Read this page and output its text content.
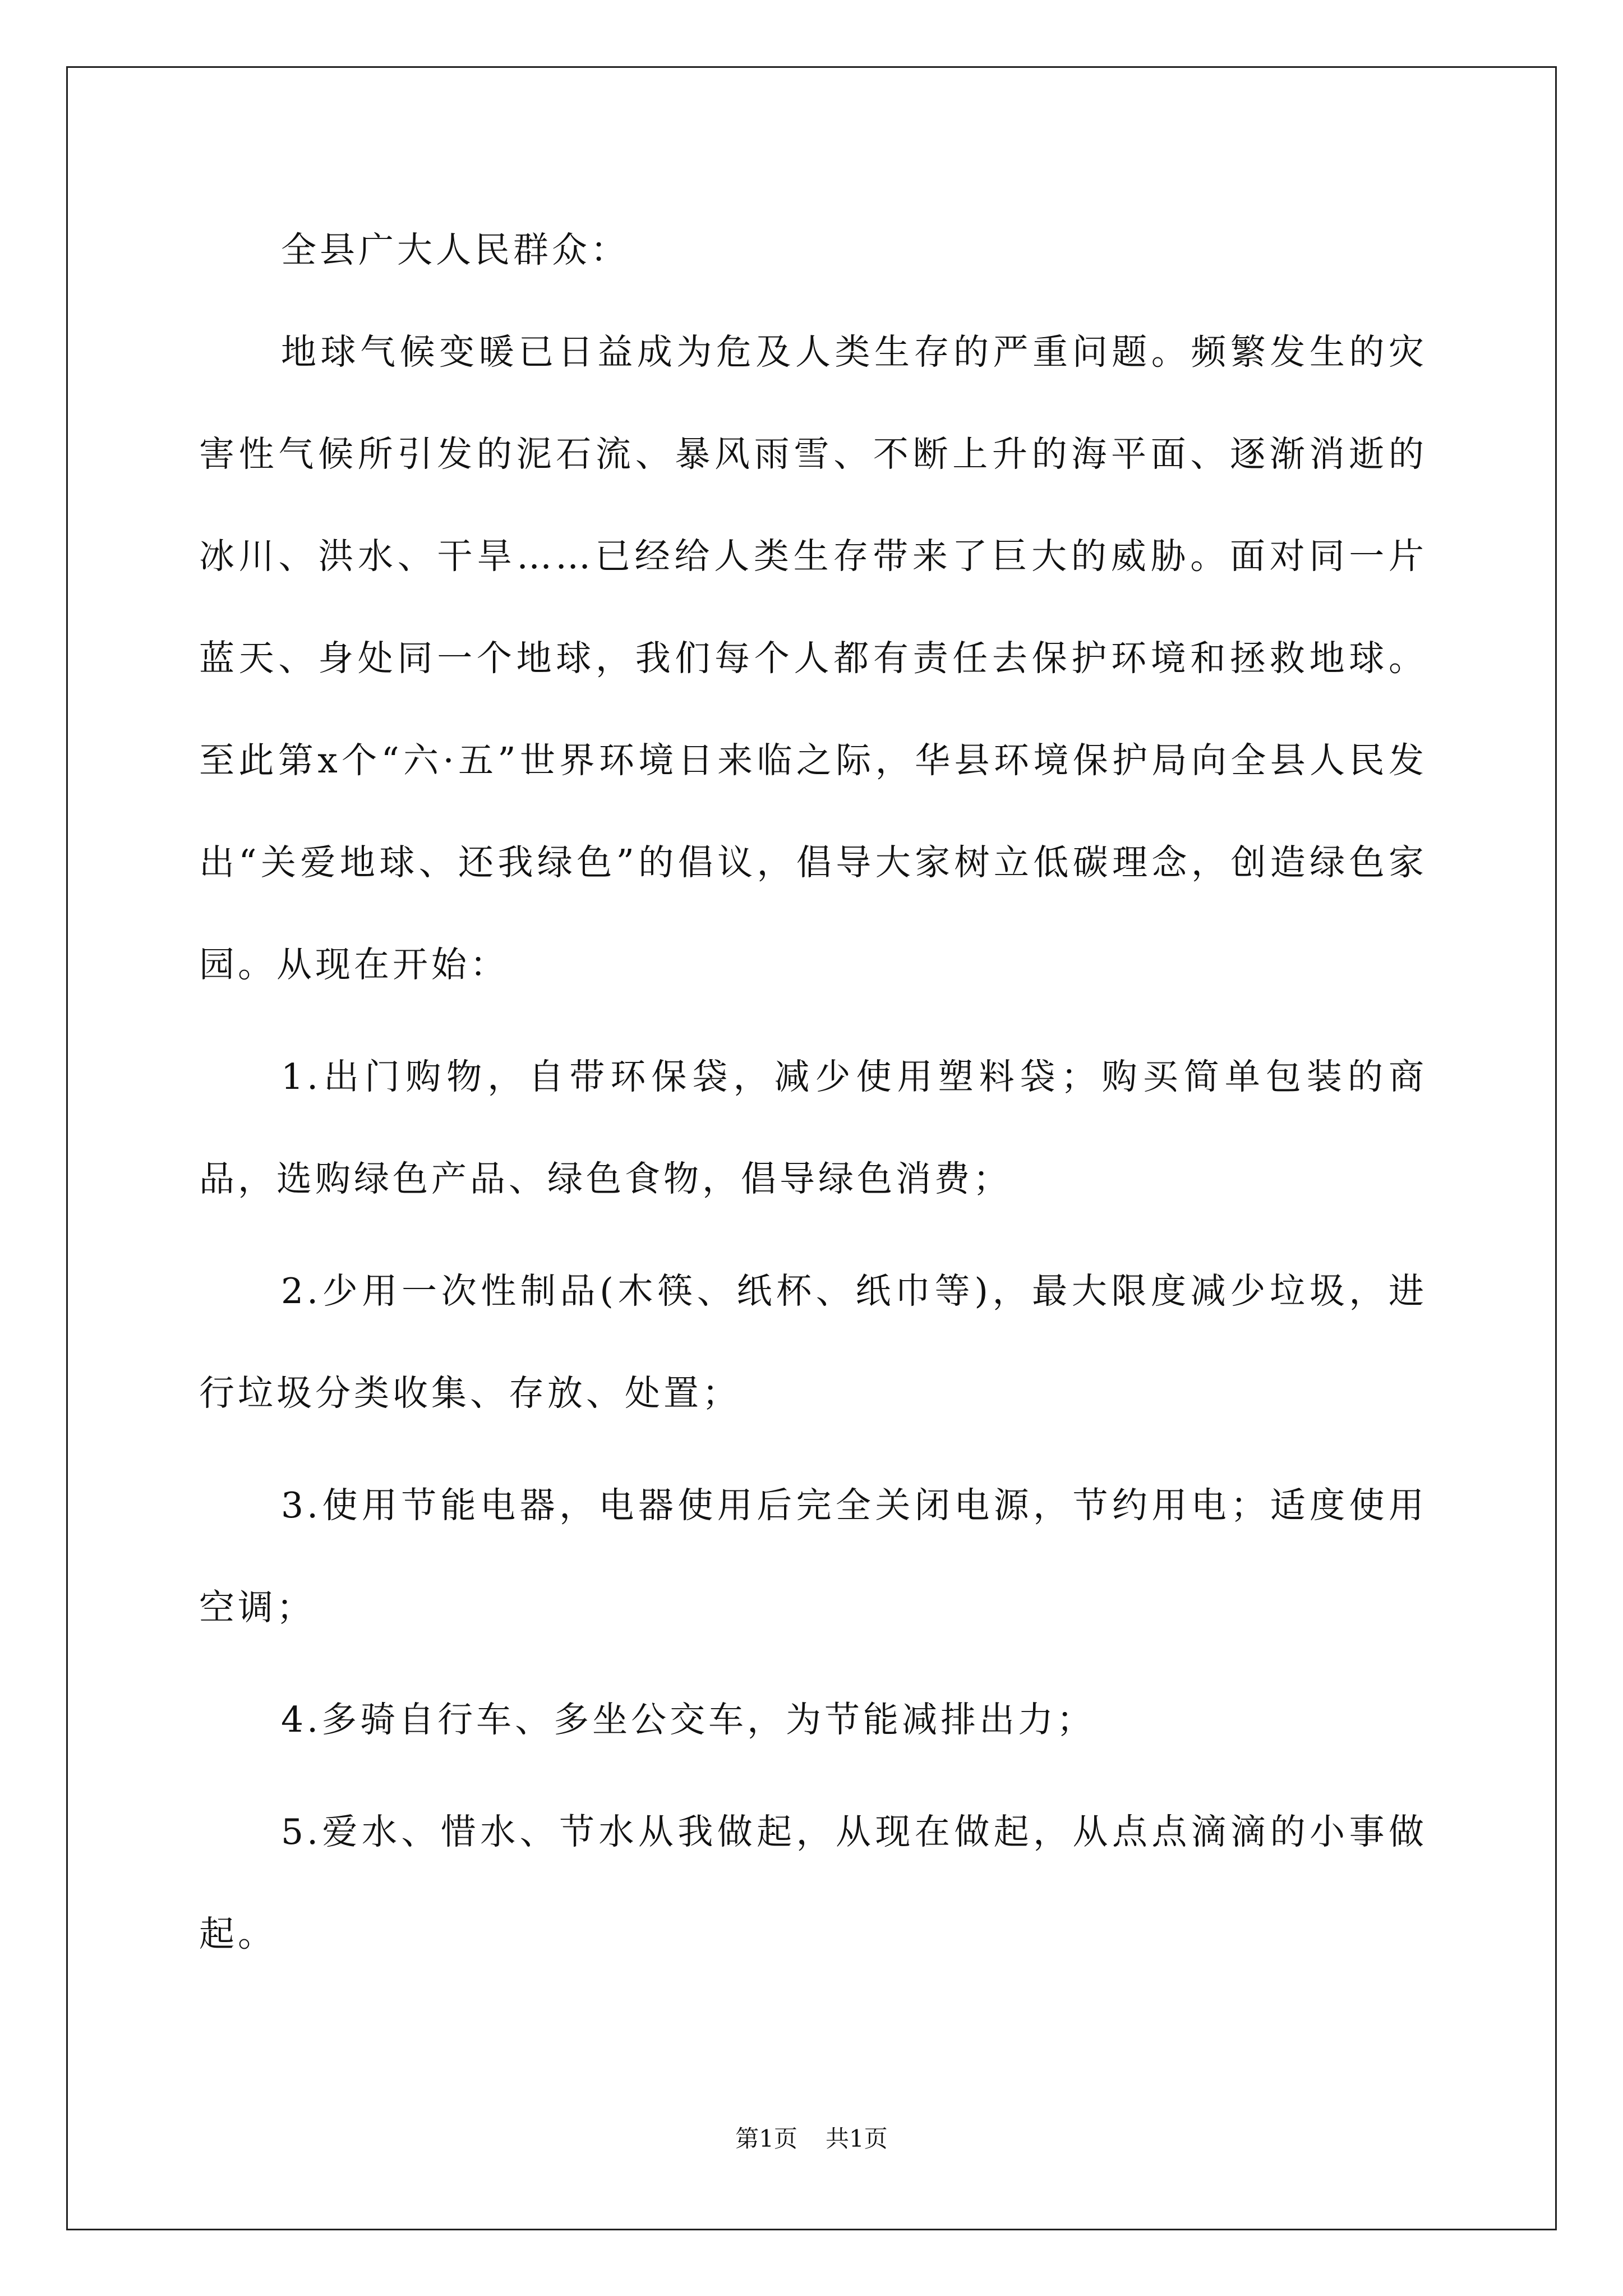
全县广大人民群众：

地球气候变暖已日益成为危及人类生存的严重问题。频繁发生的灾害性气候所引发的泥石流、暴风雨雪、不断上升的海平面、逐渐消逝的冰川、洪水、干旱……已经给人类生存带来了巨大的威胁。面对同一片蓝天、身处同一个地球，我们每个人都有责任去保护环境和拯救地球。至此第x个“六·五”世界环境日来临之际，华县环境保护局向全县人民发出“关爱地球、还我绿色”的倡议，倡导大家树立低碳理念，创造绿色家园。从现在开始：

1.出门购物，自带环保袋，减少使用塑料袋；购买简单包装的商品，选购绿色产品、绿色食物，倡导绿色消费；

2.少用一次性制品(木筷、纸杯、纸巾等)，最大限度减少垃圾，进行垃圾分类收集、存放、处置；

3.使用节能电器，电器使用后完全关闭电源，节约用电；适度使用空调；

4.多骑自行车、多坐公交车，为节能减排出力；

5.爱水、惜水、节水从我做起，从现在做起，从点点滴滴的小事做起。

第1页 共1页
